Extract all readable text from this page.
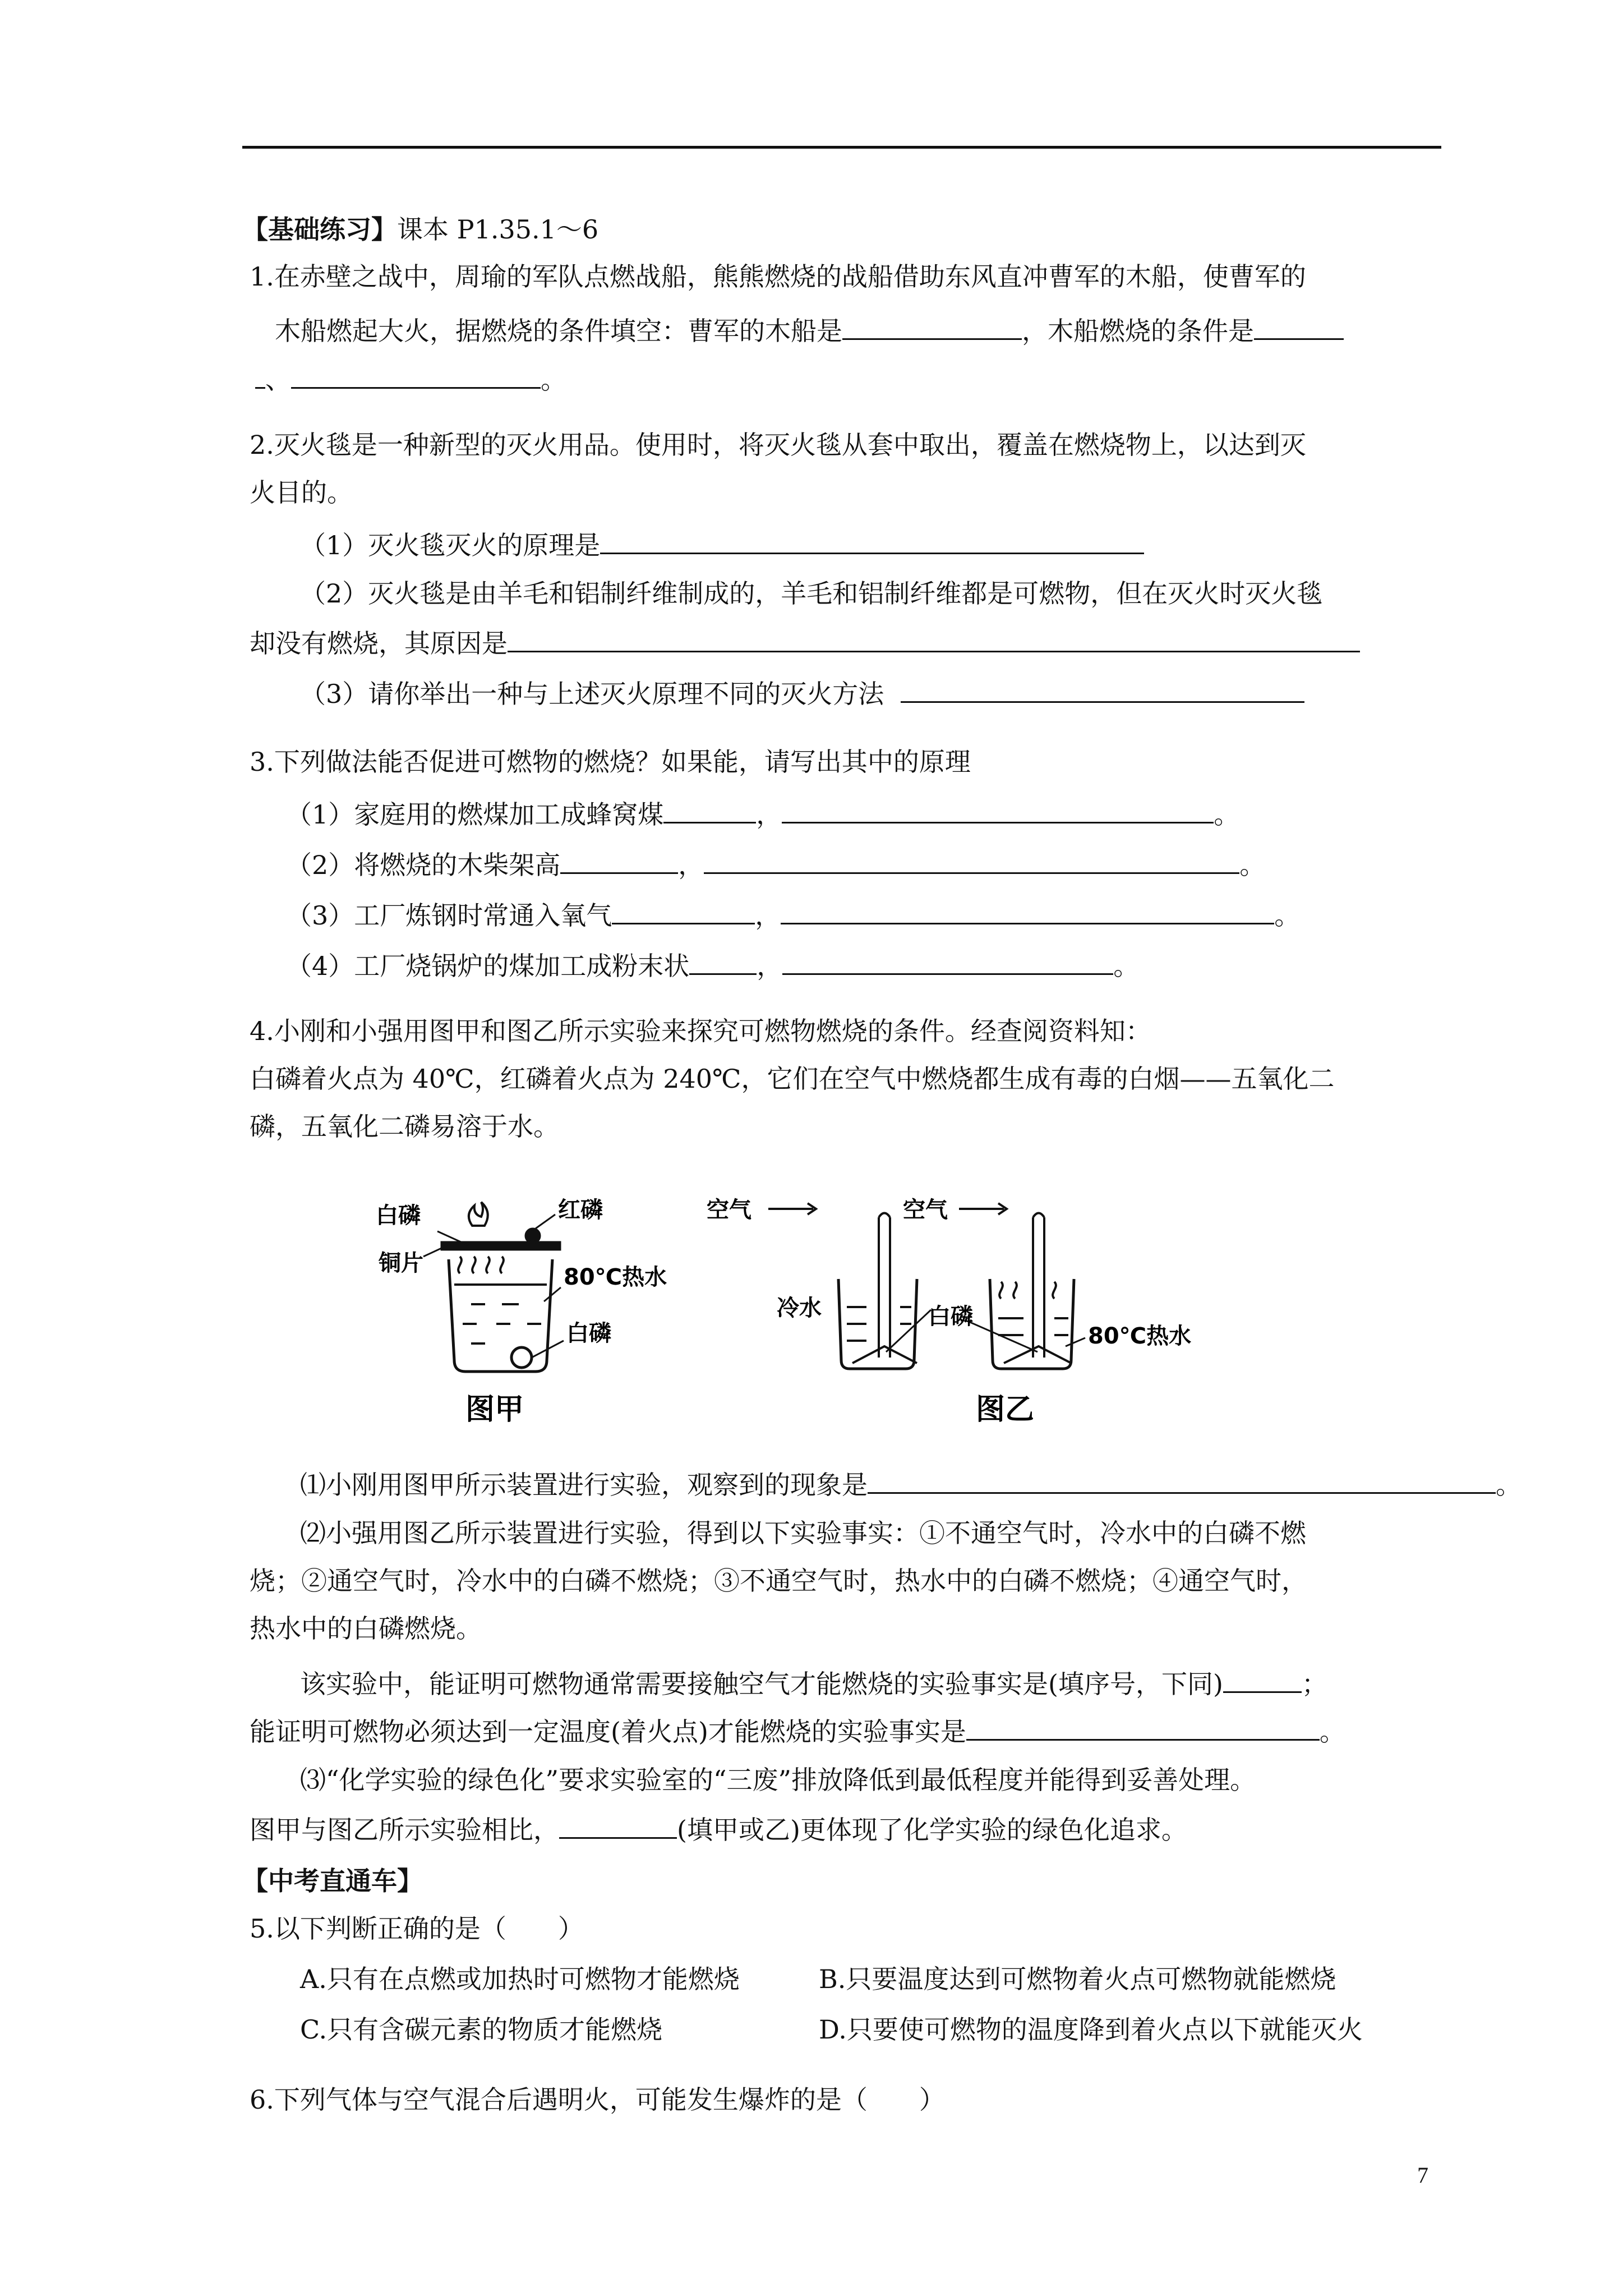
【基础练习】课本 P1.35.1～6
1.在赤壁之战中，周瑜的军队点燃战船，熊熊燃烧的战船借助东风直冲曹军的木船，使曹军的
木船燃起大火，据燃烧的条件填空：曹军的木船是	，木船燃烧的条件是
、	。
2.灭火毯是一种新型的灭火用品。使用时，将灭火毯从套中取出，覆盖在燃烧物上，以达到灭
火目的。
（1）灭火毯灭火的原理是
（2）灭火毯是由羊毛和铝制纤维制成的，羊毛和铝制纤维都是可燃物，但在灭火时灭火毯
却没有燃烧，其原因是
（3）请你举出一种与上述灭火原理不同的灭火方法
3.下列做法能否促进可燃物的燃烧？如果能，请写出其中的原理
（1）家庭用的燃煤加工成蜂窝煤	，	。
（2）将燃烧的木柴架高	，	。
（3）工厂炼钢时常通入氧气	，	。
（4）工厂烧锅炉的煤加工成粉末状	，	。
4.小刚和小强用图甲和图乙所示实验来探究可燃物燃烧的条件。经查阅资料知：
白磷着火点为 40℃，红磷着火点为 240℃，它们在空气中燃烧都生成有毒的白烟——五氧化二
磷，五氧化二磷易溶于水。
白磷	红磷
铜片
80℃热水
白磷
图甲
空气	空气
冷水	白磷
80℃热水
图乙
⑴小刚用图甲所示装置进行实验，观察到的现象是	。
⑵小强用图乙所示装置进行实验，得到以下实验事实：①不通空气时，冷水中的白磷不燃
烧；②通空气时，冷水中的白磷不燃烧；③不通空气时，热水中的白磷不燃烧；④通空气时，
热水中的白磷燃烧。
该实验中，能证明可燃物通常需要接触空气才能燃烧的实验事实是(填序号，下同)	；
能证明可燃物必须达到一定温度(着火点)才能燃烧的实验事实是	。
⑶“化学实验的绿色化”要求实验室的“三废”排放降低到最低程度并能得到妥善处理。
图甲与图乙所示实验相比，	(填甲或乙)更体现了化学实验的绿色化追求。
【中考直通车】
5.以下判断正确的是（　　）
A.只有在点燃或加热时可燃物才能燃烧	B.只要温度达到可燃物着火点可燃物就能燃烧
C.只有含碳元素的物质才能燃烧	D.只要使可燃物的温度降到着火点以下就能灭火
6.下列气体与空气混合后遇明火，可能发生爆炸的是（　　）
7
